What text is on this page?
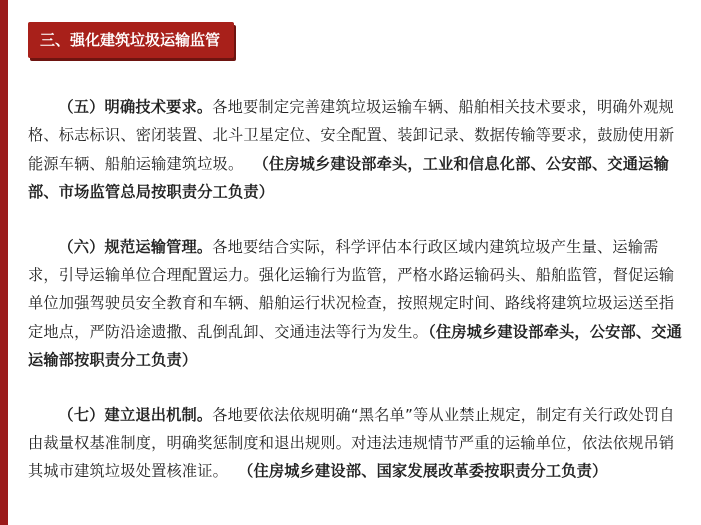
三、强化建筑垃圾运输监管

（五）明确技术要求。各地要制定完善建筑垃圾运输车辆、船舶相关技术要求，明确外观规格、标志标识、密闭装置、北斗卫星定位、安全配置、装卸记录、数据传输等要求，鼓励使用新能源车辆、船舶运输建筑垃圾。 （住房城乡建设部牵头，工业和信息化部、公安部、交通运输部、市场监管总局按职责分工负责）

（六）规范运输管理。各地要结合实际，科学评估本行政区域内建筑垃圾产生量、运输需求，引导运输单位合理配置运力。强化运输行为监管，严格水路运输码头、船舶监管，督促运输单位加强驾驶员安全教育和车辆、船舶运行状况检查，按照规定时间、路线将建筑垃圾运送至指定地点，严防沿途遗撒、乱倒乱卸、交通违法等行为发生。（住房城乡建设部牵头，公安部、交通运输部按职责分工负责）

（七）建立退出机制。各地要依法依规明确“黑名单”等从业禁止规定，制定有关行政处罚自由裁量权基准制度，明确奖惩制度和退出规则。对违法违规情节严重的运输单位，依法依规吊销其城市建筑垃圾处置核准证。 （住房城乡建设部、国家发展改革委按职责分工负责）
